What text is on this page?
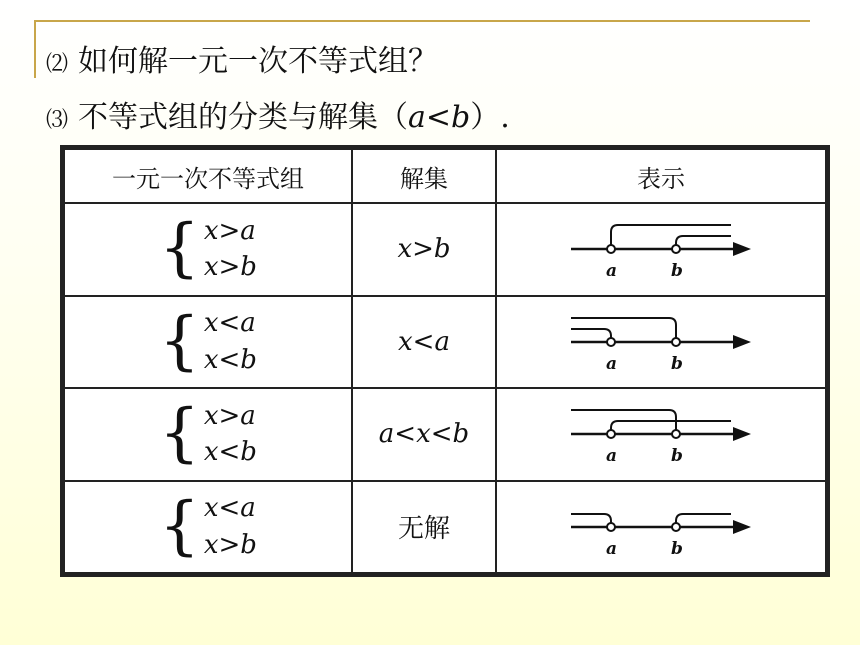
⑵ 如何解一元一次不等式组？
⑶ 不等式组的分类与解集（a<b）.
一元一次不等式组	解集	表示

{ x>a
x>b	x>b	a b

{ x<a
x<b	x<a	a b

{ x>a
x<b	a<x<b	a b

{ x<a
x>b	无解	a b
